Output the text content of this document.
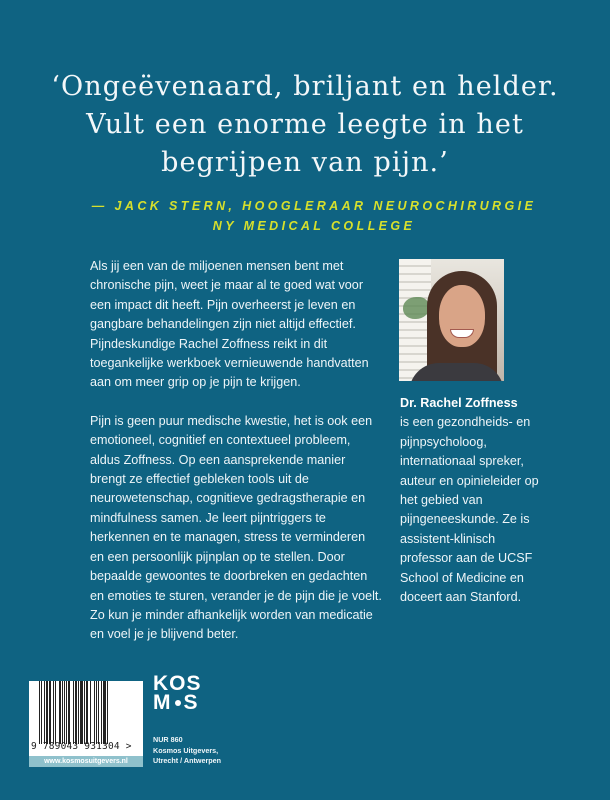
‘Ongeëvenaard, briljant en helder.
Vult een enorme leegte in het
begrijpen van pijn.’
— JACK STERN, HOOGLERAAR NEUROCHIRURGIE
NY MEDICAL COLLEGE

Als jij een van de miljoenen mensen bent met chronische pijn, weet je maar al te goed wat voor een impact dit heeft. Pijn overheerst je leven en gangbare behandelingen zijn niet altijd effectief. Pijndeskundige Rachel Zoffness reikt in dit toegankelijke werkboek vernieuwende handvatten aan om meer grip op je pijn te krijgen.

Pijn is geen puur medische kwestie, het is ook een emotioneel, cognitief en contextueel probleem, aldus Zoffness. Op een aansprekende manier brengt ze effectief gebleken tools uit de neurowetenschap, cognitieve gedragstherapie en mindfulness samen. Je leert pijntriggers te herkennen en te managen, stress te verminderen en een persoonlijk pijnplan op te stellen. Door bepaalde gewoontes te doorbreken en gedachten en emoties te sturen, verander je de pijn die je voelt. Zo kun je minder afhankelijk worden van medicatie en voel je je blijvend beter.

Dr. Rachel Zoffness
is een gezondheids- en pijnpsycholoog, internationaal spreker, auteur en opinieleider op het gebied van pijngeneeskunde. Ze is assistent-klinisch professor aan de UCSF School of Medicine en doceert aan Stanford.
9 789043 931304 >
www.kosmosuitgevers.nl
KOS
M S
NUR 860
Kosmos Uitgevers,
Utrecht / Antwerpen
